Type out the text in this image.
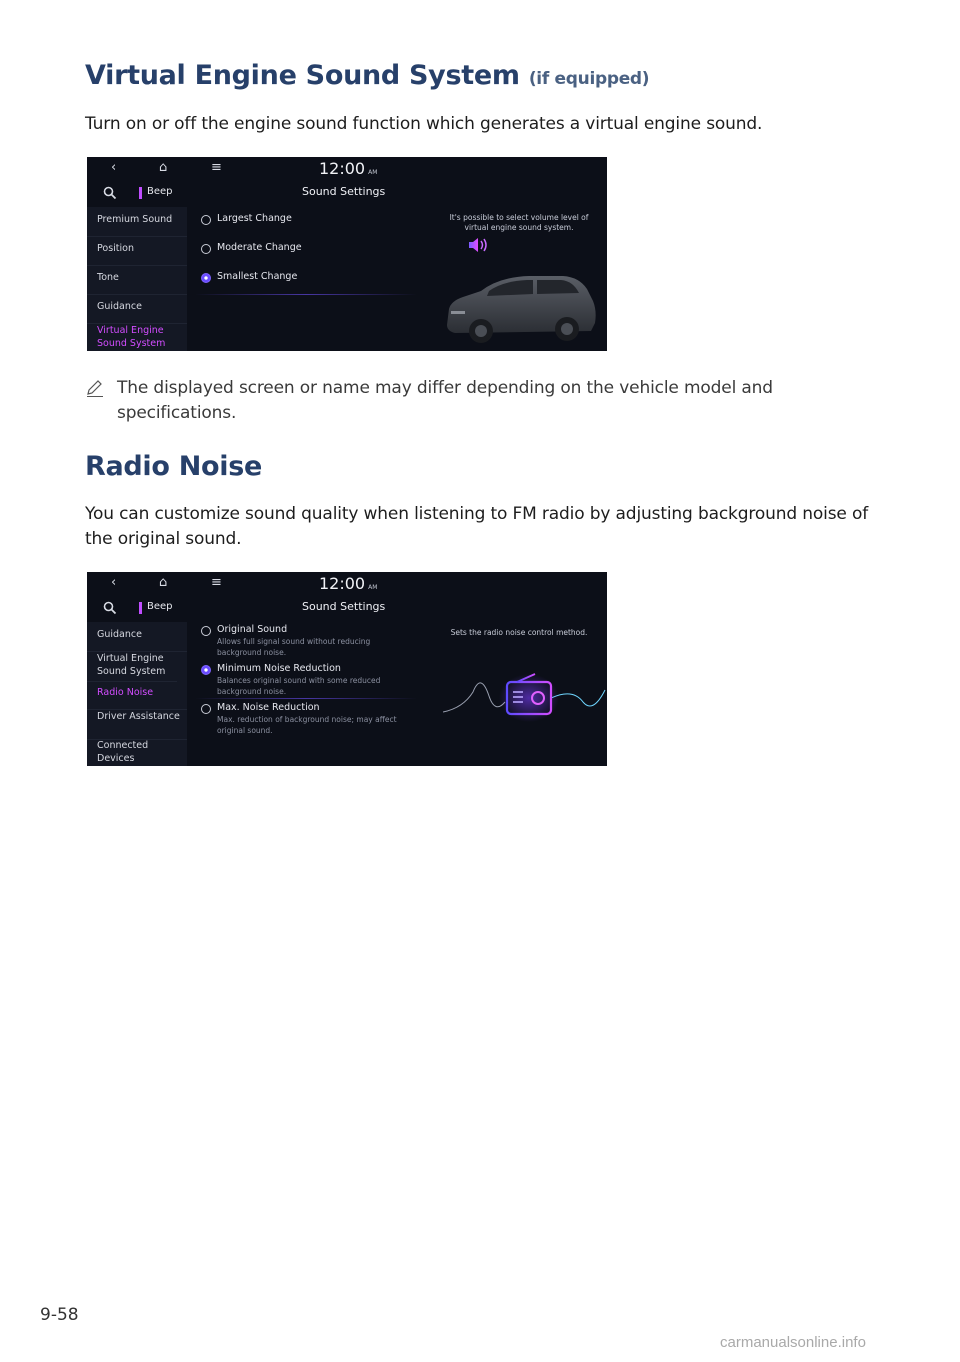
Virtual Engine Sound System (if equipped)

Turn on or off the engine sound function which generates a virtual engine sound.

‹	⌂	≡	12:00 AM
Beep	Sound Settings
Premium Sound
Position
Tone
Guidance
Virtual Engine Sound System
Largest Change
Moderate Change
Smallest Change
It's possible to select volume level of virtual engine sound system.
The displayed screen or name may differ depending on the vehicle model and specifications.
Radio Noise

You can customize sound quality when listening to FM radio by adjusting background noise of the original sound.

‹	⌂	≡	12:00 AM
Beep	Sound Settings
Guidance
Virtual Engine Sound System
Radio Noise
Driver Assistance
Connected Devices
Original Sound
Allows full signal sound without reducing background noise.
Minimum Noise Reduction
Balances original sound with some reduced background noise.
Max. Noise Reduction
Max. reduction of background noise; may affect original sound.
Sets the radio noise control method.
9-58
carmanualsonline.info
